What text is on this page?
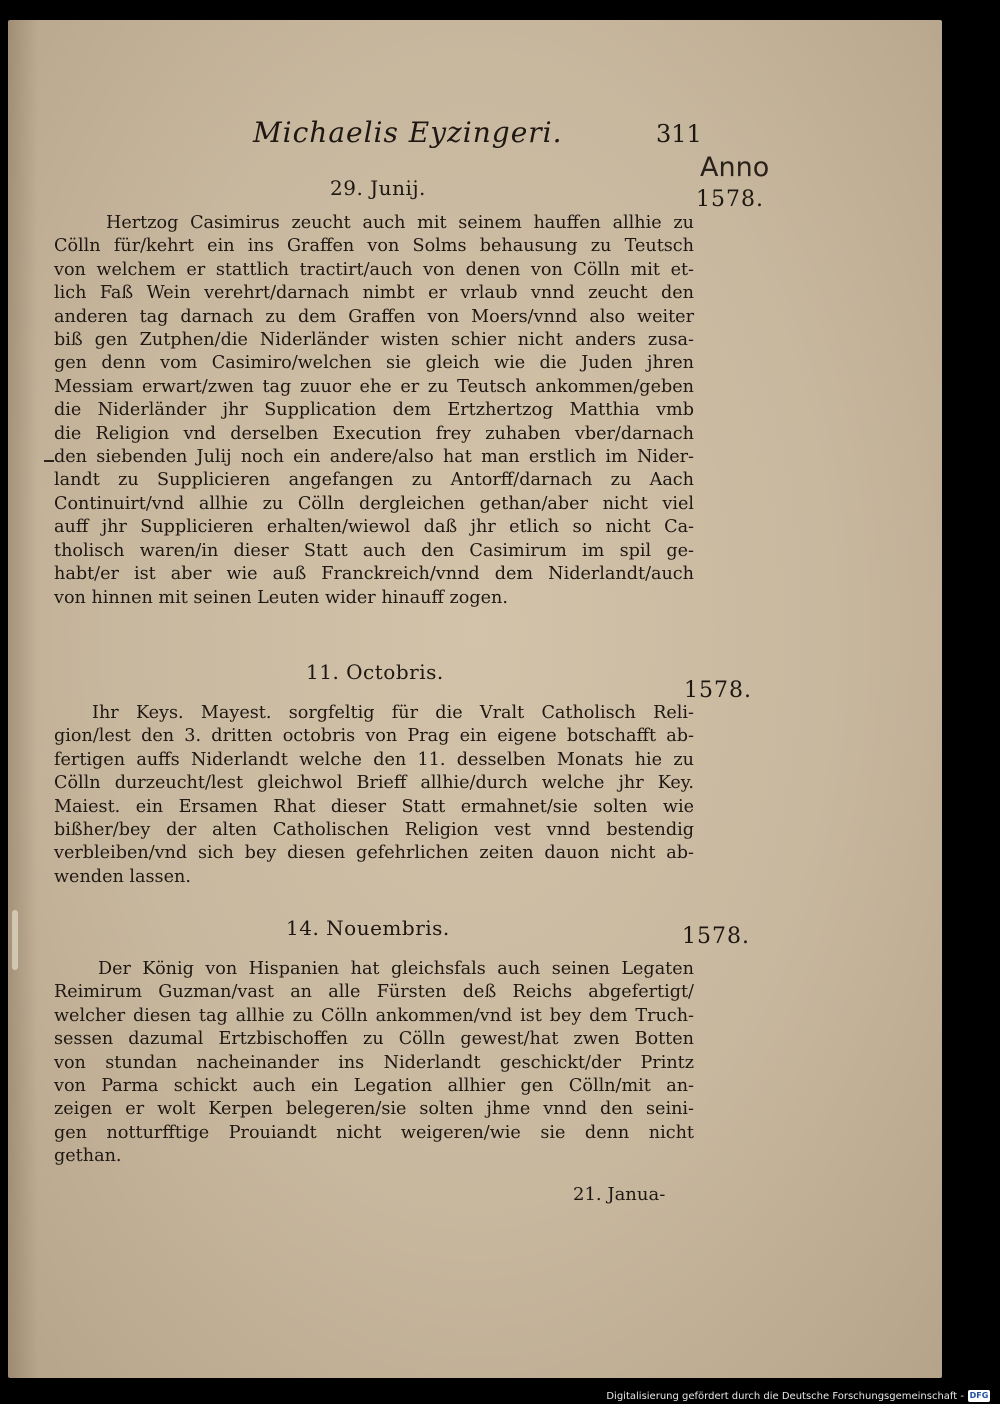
Michaelis Eyzingeri.	311
Anno
1578.
29. Junij.
Hertzog Casimirus zeucht auch mit seinem hauffen allhie zu
Cölln für/kehrt ein ins Graffen von Solms behausung zu Teutsch
von welchem er stattlich tractirt/auch von denen von Cölln mit et-
lich Faß Wein verehrt/darnach nimbt er vrlaub vnnd zeucht den
anderen tag darnach zu dem Graffen von Moers/vnnd also weiter
biß gen Zutphen/die Niderländer wisten schier nicht anders zusa-
gen denn vom Casimiro/welchen sie gleich wie die Juden jhren
Messiam erwart/zwen tag zuuor ehe er zu Teutsch ankommen/geben
die Niderländer jhr Supplication dem Ertzhertzog Matthia vmb
die Religion vnd derselben Execution frey zuhaben vber/darnach
den siebenden Julij noch ein andere/also hat man erstlich im Nider-
landt zu Supplicieren angefangen zu Antorff/darnach zu Aach
Continuirt/vnd allhie zu Cölln dergleichen gethan/aber nicht viel
auff jhr Supplicieren erhalten/wiewol daß jhr etlich so nicht Ca-
tholisch waren/in dieser Statt auch den Casimirum im spil ge-
habt/er ist aber wie auß Franckreich/vnnd dem Niderlandt/auch
von hinnen mit seinen Leuten wider hinauff zogen.
11. Octobris.
1578.
Ihr Keys. Mayest. sorgfeltig für die Vralt Catholisch Reli-
gion/lest den 3. dritten octobris von Prag ein eigene botschafft ab-
fertigen auffs Niderlandt welche den 11. desselben Monats hie zu
Cölln durzeucht/lest gleichwol Brieff allhie/durch welche jhr Key.
Maiest. ein Ersamen Rhat dieser Statt ermahnet/sie solten wie
bißher/bey der alten Catholischen Religion vest vnnd bestendig
verbleiben/vnd sich bey diesen gefehrlichen zeiten dauon nicht ab-
wenden lassen.
14. Nouembris.	1578.
Der König von Hispanien hat gleichsfals auch seinen Legaten
Reimirum Guzman/vast an alle Fürsten deß Reichs abgefertigt/
welcher diesen tag allhie zu Cölln ankommen/vnd ist bey dem Truch-
sessen dazumal Ertzbischoffen zu Cölln gewest/hat zwen Botten
von stundan nacheinander ins Niderlandt geschickt/der Printz
von Parma schickt auch ein Legation allhier gen Cölln/mit an-
zeigen er wolt Kerpen belegeren/sie solten jhme vnnd den seini-
gen notturfftige Prouiandt nicht weigeren/wie sie denn nicht
gethan.
21. Janua-
Digitalisierung gefördert durch die Deutsche Forschungsgemeinschaft - DFG
